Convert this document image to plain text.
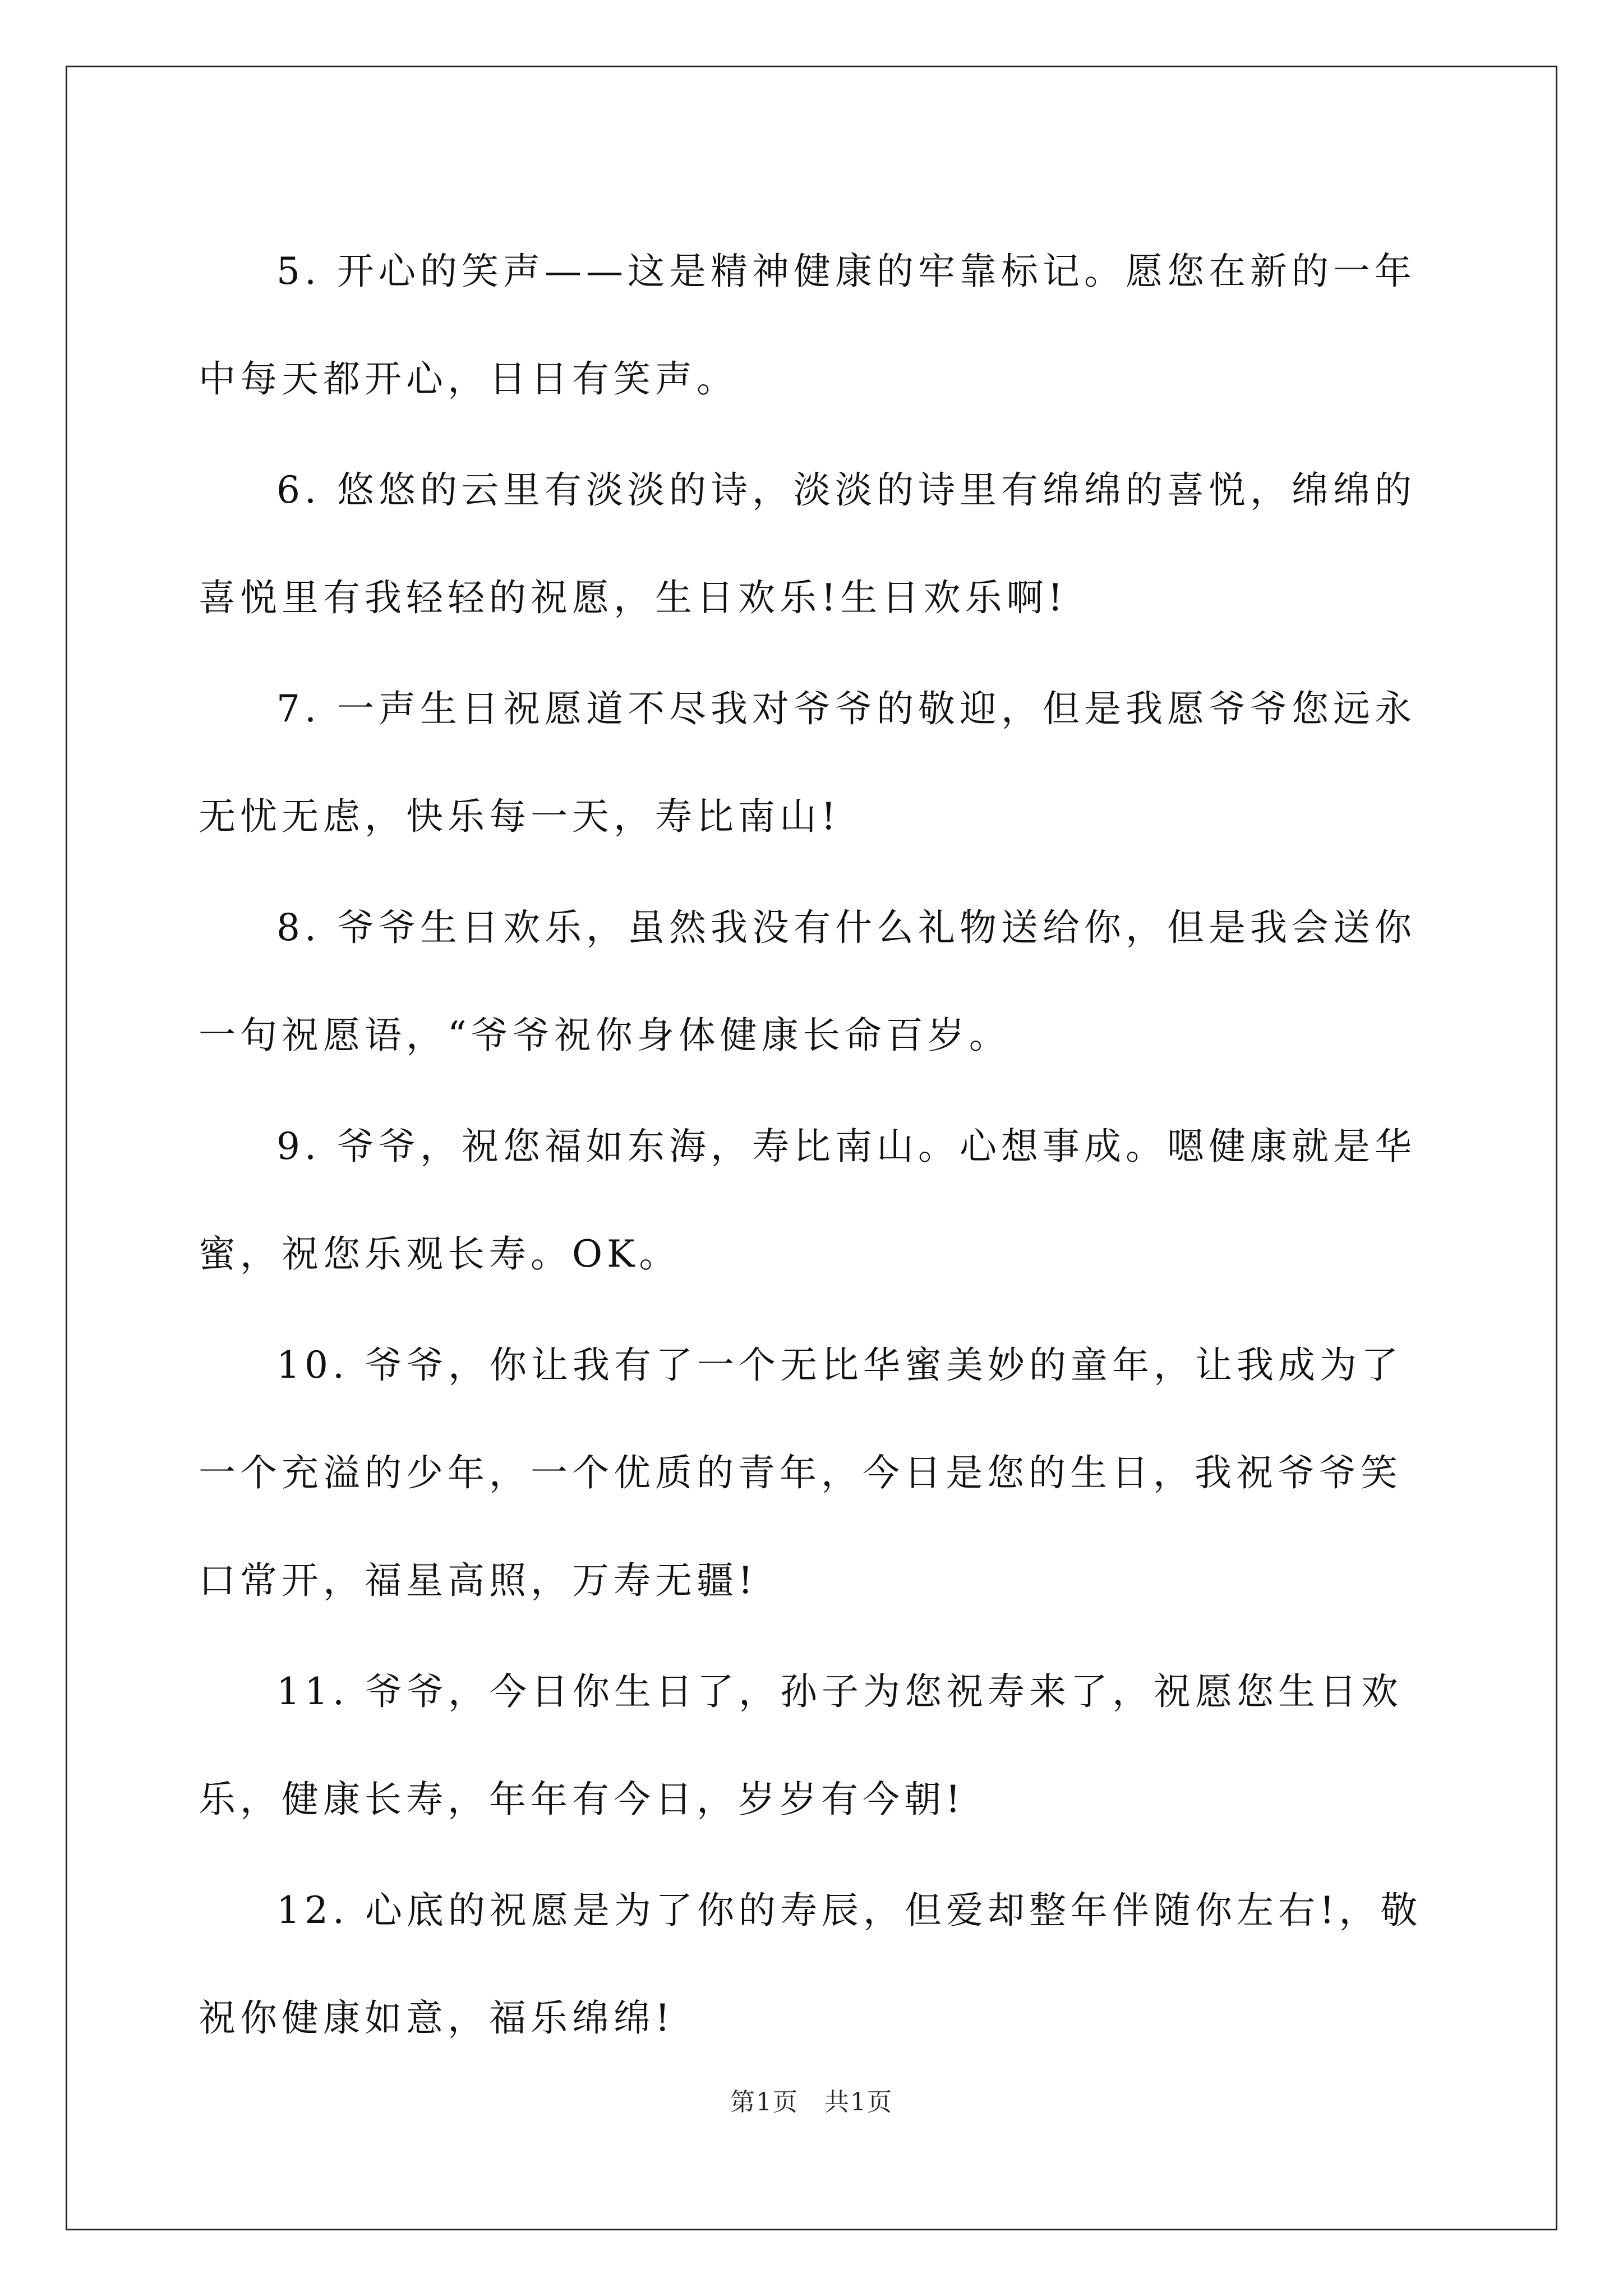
5. 开心的笑声——这是精神健康的牢靠标记。愿您在新的一年中每天都开心，日日有笑声。

6. 悠悠的云里有淡淡的诗，淡淡的诗里有绵绵的喜悦，绵绵的喜悦里有我轻轻的祝愿，生日欢乐!生日欢乐啊!

7. 一声生日祝愿道不尽我对爷爷的敬迎，但是我愿爷爷您远永无忧无虑，快乐每一天，寿比南山!

8. 爷爷生日欢乐，虽然我没有什么礼物送给你，但是我会送你一句祝愿语，“爷爷祝你身体健康长命百岁。

9. 爷爷，祝您福如东海，寿比南山。心想事成。嗯健康就是华蜜，祝您乐观长寿。OK。

10. 爷爷，你让我有了一个无比华蜜美妙的童年，让我成为了一个充溢的少年，一个优质的青年，今日是您的生日，我祝爷爷笑口常开，福星高照，万寿无疆!

11. 爷爷，今日你生日了，孙子为您祝寿来了，祝愿您生日欢乐，健康长寿，年年有今日，岁岁有今朝!

12. 心底的祝愿是为了你的寿辰，但爱却整年伴随你左右!，敬祝你健康如意，福乐绵绵!

第1页　共1页
